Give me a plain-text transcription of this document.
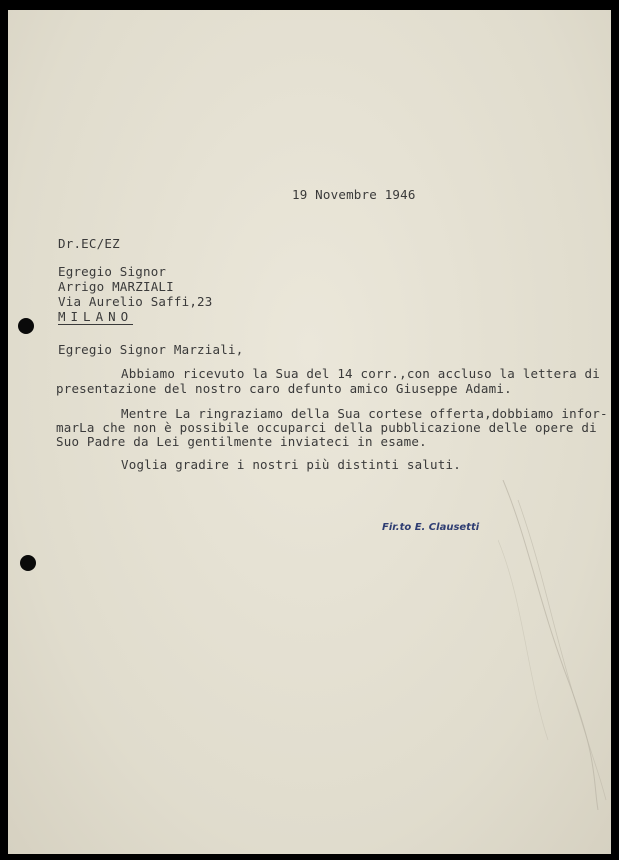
19 Novembre 1946
Dr.EC/EZ
Egregio Signor
Arrigo MARZIALI
Via Aurelio Saffi,23
MILANO
Egregio Signor Marziali,
Abbiamo ricevuto la Sua del 14 corr.,con accluso la lettera di
presentazione del nostro caro defunto amico Giuseppe Adami.
Mentre La ringraziamo della Sua cortese offerta,dobbiamo infor-
marLa che non è possibile occuparci della pubblicazione delle opere di
Suo Padre da Lei gentilmente inviateci in esame.
Voglia gradire i nostri più distinti saluti.
Fir.to E. Clausetti
